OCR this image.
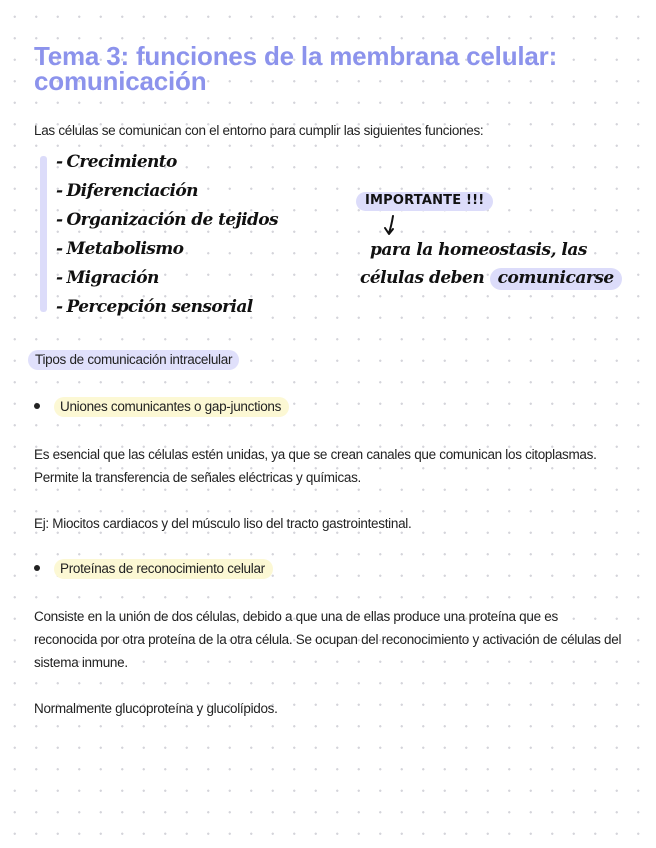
Tema 3: funciones de la membrana celular: comunicación
Las células se comunican con el entorno para cumplir las siguientes funciones:
- Crecimiento
- Diferenciación
- Organización de tejidos
- Metabolismo
- Migración
- Percepción sensorial
IMPORTANTE !!!
para la homeostasis, las
células deben comunicarse
Tipos de comunicación intracelular
Uniones comunicantes o gap-junctions

Es esencial que las células estén unidas, ya que se crean canales que comunican los citoplasmas. Permite la transferencia de señales eléctricas y químicas.

Ej: Miocitos cardiacos y del músculo liso del tracto gastrointestinal.

Proteínas de reconocimiento celular

Consiste en la unión de dos células, debido a que una de ellas produce una proteína que es reconocida por otra proteína de la otra célula. Se ocupan del reconocimiento y activación de células del sistema inmune.

Normalmente glucoproteína y glucolípidos.
